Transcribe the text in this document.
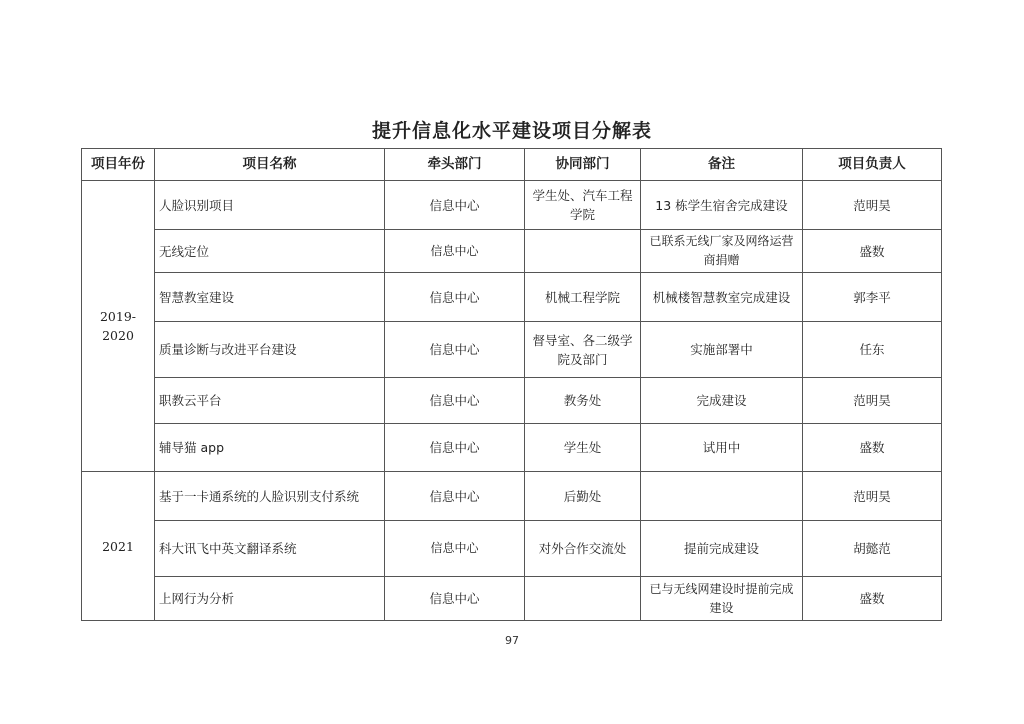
提升信息化水平建设项目分解表
项目年份	项目名称	牵头部门	协同部门	备注	项目负责人
2019-2020	人脸识别项目	信息中心	学生处、汽车工程学院	13 栋学生宿舍完成建设	范明昊
	无线定位	信息中心		已联系无线厂家及网络运营商捐赠	盛数
	智慧教室建设	信息中心	机械工程学院	机械楼智慧教室完成建设	郭李平
	质量诊断与改进平台建设	信息中心	督导室、各二级学院及部门	实施部署中	任东
	职教云平台	信息中心	教务处	完成建设	范明昊
	辅导猫 app	信息中心	学生处	试用中	盛数
2021	基于一卡通系统的人脸识别支付系统	信息中心	后勤处		范明昊
	科大讯飞中英文翻译系统	信息中心	对外合作交流处	提前完成建设	胡懿范
	上网行为分析	信息中心		已与无线网建设时提前完成建设	盛数
97
